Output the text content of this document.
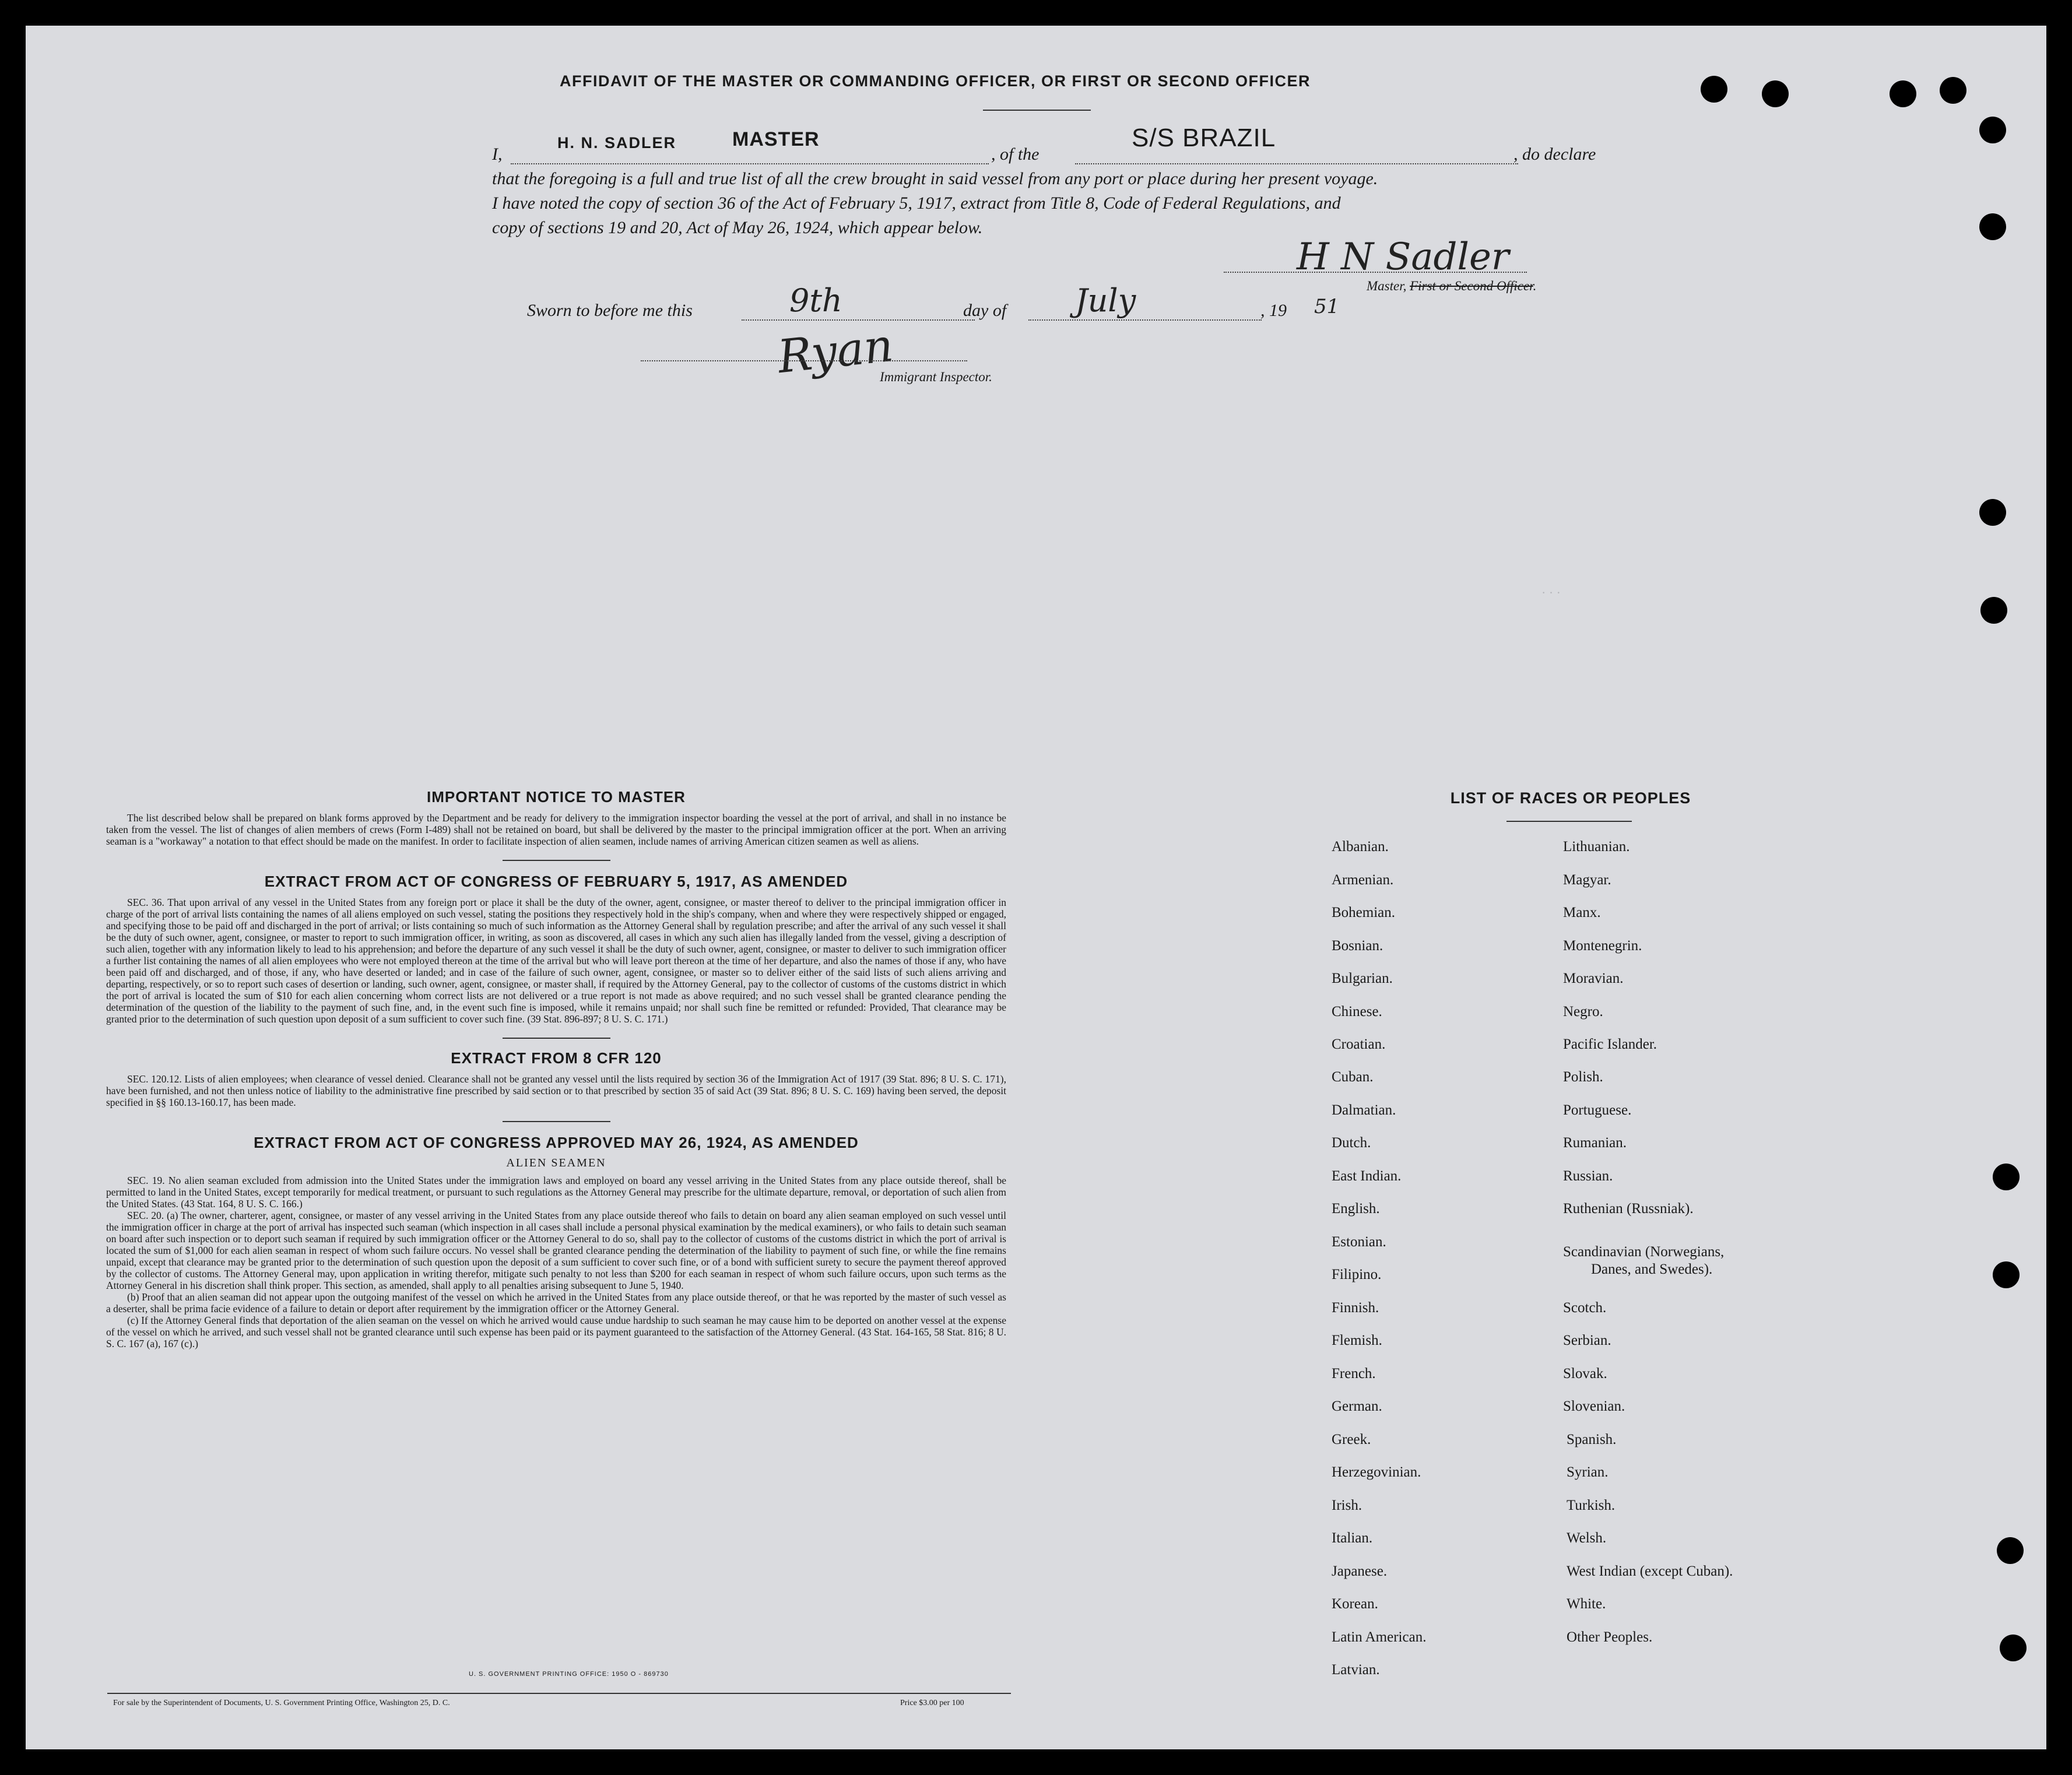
AFFIDAVIT OF THE MASTER OR COMMANDING OFFICER, OR FIRST OR SECOND OFFICER
I,
H. N. SADLER	MASTER
, of the
S/S BRAZIL
, do declare
that the foregoing is a full and true list of all the crew brought in said vessel from any port or place during her present voyage.
I have noted the copy of section 36 of the Act of February 5, 1917, extract from Title 8, Code of Federal Regulations, and
copy of sections 19 and 20, Act of May 26, 1924, which appear below.
H N Sadler
Master, First or Second Officer.
Sworn to before me this	9th	day of July	, 19 51
Ryan
Immigrant Inspector.
· · ·
IMPORTANT NOTICE TO MASTER
The list described below shall be prepared on blank forms approved by the Department and be ready for delivery to the immigration inspector boarding the vessel at the port of arrival, and shall in no instance be taken from the vessel. The list of changes of alien members of crews (Form I-489) shall not be retained on board, but shall be delivered by the master to the principal immigration officer at the port. When an arriving seaman is a "workaway" a notation to that effect should be made on the manifest. In order to facilitate inspection of alien seamen, include names of arriving American citizen seamen as well as aliens.
EXTRACT FROM ACT OF CONGRESS OF FEBRUARY 5, 1917, AS AMENDED
SEC. 36. That upon arrival of any vessel in the United States from any foreign port or place it shall be the duty of the owner, agent, consignee, or master thereof to deliver to the principal immigration officer in charge of the port of arrival lists containing the names of all aliens employed on such vessel, stating the positions they respectively hold in the ship's company, when and where they were respectively shipped or engaged, and specifying those to be paid off and discharged in the port of arrival; or lists containing so much of such information as the Attorney General shall by regulation prescribe; and after the arrival of any such vessel it shall be the duty of such owner, agent, consignee, or master to report to such immigration officer, in writing, as soon as discovered, all cases in which any such alien has illegally landed from the vessel, giving a description of such alien, together with any information likely to lead to his apprehension; and before the departure of any such vessel it shall be the duty of such owner, agent, consignee, or master to deliver to such immigration officer a further list containing the names of all alien employees who were not employed thereon at the time of the arrival but who will leave port thereon at the time of her departure, and also the names of those if any, who have been paid off and discharged, and of those, if any, who have deserted or landed; and in case of the failure of such owner, agent, consignee, or master so to deliver either of the said lists of such aliens arriving and departing, respectively, or so to report such cases of desertion or landing, such owner, agent, consignee, or master shall, if required by the Attorney General, pay to the collector of customs of the customs district in which the port of arrival is located the sum of $10 for each alien concerning whom correct lists are not delivered or a true report is not made as above required; and no such vessel shall be granted clearance pending the determination of the question of the liability to the payment of such fine, and, in the event such fine is imposed, while it remains unpaid; nor shall such fine be remitted or refunded: Provided, That clearance may be granted prior to the determination of such question upon deposit of a sum sufficient to cover such fine. (39 Stat. 896-897; 8 U. S. C. 171.)
EXTRACT FROM 8 CFR 120
SEC. 120.12. Lists of alien employees; when clearance of vessel denied. Clearance shall not be granted any vessel until the lists required by section 36 of the Immigration Act of 1917 (39 Stat. 896; 8 U. S. C. 171), have been furnished, and not then unless notice of liability to the administrative fine prescribed by said section or to that prescribed by section 35 of said Act (39 Stat. 896; 8 U. S. C. 169) having been served, the deposit specified in §§ 160.13-160.17, has been made.
EXTRACT FROM ACT OF CONGRESS APPROVED MAY 26, 1924, AS AMENDED
ALIEN SEAMEN
SEC. 19. No alien seaman excluded from admission into the United States under the immigration laws and employed on board any vessel arriving in the United States from any place outside thereof, shall be permitted to land in the United States, except temporarily for medical treatment, or pursuant to such regulations as the Attorney General may prescribe for the ultimate departure, removal, or deportation of such alien from the United States. (43 Stat. 164, 8 U. S. C. 166.)
SEC. 20. (a) The owner, charterer, agent, consignee, or master of any vessel arriving in the United States from any place outside thereof who fails to detain on board any alien seaman employed on such vessel until the immigration officer in charge at the port of arrival has inspected such seaman (which inspection in all cases shall include a personal physical examination by the medical examiners), or who fails to detain such seaman on board after such inspection or to deport such seaman if required by such immigration officer or the Attorney General to do so, shall pay to the collector of customs of the customs district in which the port of arrival is located the sum of $1,000 for each alien seaman in respect of whom such failure occurs. No vessel shall be granted clearance pending the determination of the liability to payment of such fine, or while the fine remains unpaid, except that clearance may be granted prior to the determination of such question upon the deposit of a sum sufficient to cover such fine, or of a bond with sufficient surety to secure the payment thereof approved by the collector of customs. The Attorney General may, upon application in writing therefor, mitigate such penalty to not less than $200 for each seaman in respect of whom such failure occurs, upon such terms as the Attorney General in his discretion shall think proper. This section, as amended, shall apply to all penalties arising subsequent to June 5, 1940.
(b) Proof that an alien seaman did not appear upon the outgoing manifest of the vessel on which he arrived in the United States from any place outside thereof, or that he was reported by the master of such vessel as a deserter, shall be prima facie evidence of a failure to detain or deport after requirement by the immigration officer or the Attorney General.
(c) If the Attorney General finds that deportation of the alien seaman on the vessel on which he arrived would cause undue hardship to such seaman he may cause him to be deported on another vessel at the expense of the vessel on which he arrived, and such vessel shall not be granted clearance until such expense has been paid or its payment guaranteed to the satisfaction of the Attorney General. (43 Stat. 164-165, 58 Stat. 816; 8 U. S. C. 167 (a), 167 (c).)
U. S. GOVERNMENT PRINTING OFFICE: 1950 O - 869730
For sale by the Superintendent of Documents, U. S. Government Printing Office, Washington 25, D. C.	Price $3.00 per 100
LIST OF RACES OR PEOPLES
Albanian.
Armenian.
Bohemian.
Bosnian.
Bulgarian.
Chinese.
Croatian.
Cuban.
Dalmatian.
Dutch.
East Indian.
English.
Estonian.
Filipino.
Finnish.
Flemish.
French.
German.
Greek.
Herzegovinian.
Irish.
Italian.
Japanese.
Korean.
Latin American.
Latvian.
Lithuanian.
Magyar.
Manx.
Montenegrin.
Moravian.
Negro.
Pacific Islander.
Polish.
Portuguese.
Rumanian.
Russian.
Ruthenian (Russniak).
Scandinavian (Norwegians,
Danes, and Swedes).
Scotch.
Serbian.
Slovak.
Slovenian.
Spanish.
Syrian.
Turkish.
Welsh.
West Indian (except Cuban).
White.
Other Peoples.
